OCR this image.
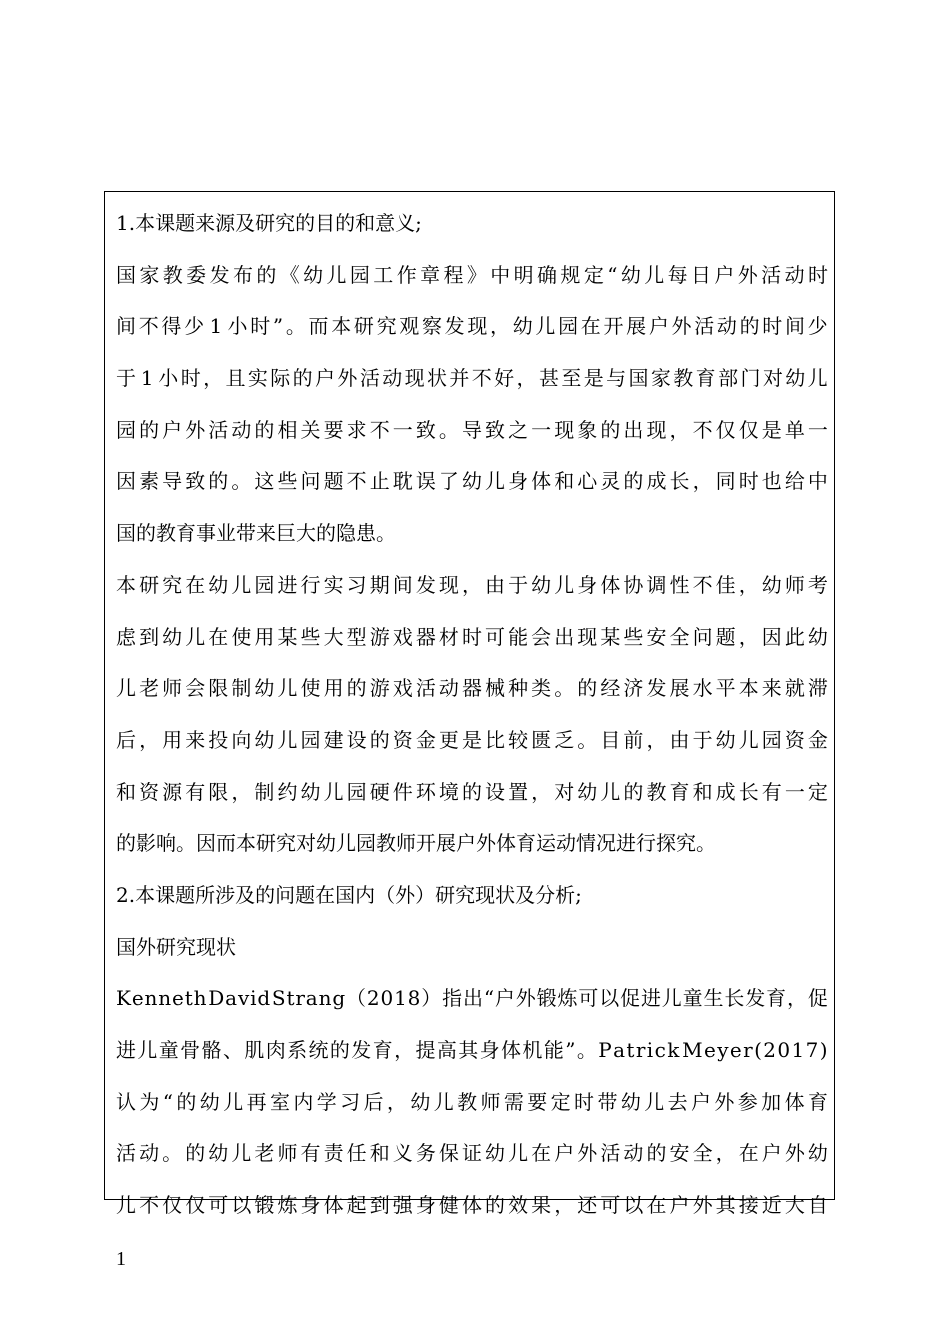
1.本课题来源及研究的目的和意义;
国 家 教 委 发 布 的 《 幼 儿 园 工 作 章 程 》 中 明 确 规 定 “ 幼 儿 每 日 户 外 活 动 时
间 不 得 少 1 小 时 ” 。 而 本 研 究 观 察 发 现 ， 幼 儿 园 在 开 展 户 外 活 动 的 时 间 少
于 1 小 时 ， 且 实 际 的 户 外 活 动 现 状 并 不 好 ， 甚 至 是 与 国 家 教 育 部 门 对 幼 儿
园 的 户 外 活 动 的 相 关 要 求 不 一 致 。 导 致 之 一 现 象 的 出 现 ， 不 仅 仅 是 单 一
因 素 导 致 的 。 这 些 问 题 不 止 耽 误 了 幼 儿 身 体 和 心 灵 的 成 长 ， 同 时 也 给 中
国的教育事业带来巨大的隐患。
本 研 究 在 幼 儿 园 进 行 实 习 期 间 发 现 ， 由 于 幼 儿 身 体 协 调 性 不 佳 ， 幼 师 考
虑 到 幼 儿 在 使 用 某 些 大 型 游 戏 器 材 时 可 能 会 出 现 某 些 安 全 问 题 ， 因 此 幼
儿 老 师 会 限 制 幼 儿 使 用 的 游 戏 活 动 器 械 种 类 。 的 经 济 发 展 水 平 本 来 就 滞
后 ， 用 来 投 向 幼 儿 园 建 设 的 资 金 更 是 比 较 匮 乏 。 目 前 ， 由 于 幼 儿 园 资 金
和 资 源 有 限 ， 制 约 幼 儿 园 硬 件 环 境 的 设 置 ， 对 幼 儿 的 教 育 和 成 长 有 一 定
的影响。因而本研究对幼儿园教师开展户外体育运动情况进行探究。
2.本课题所涉及的问题在国内（外）研究现状及分析;
国外研究现状
K e n n e t h D a v i d S t r a n g （ 2 0 1 8 ） 指 出 “ 户 外 锻 炼 可 以 促 进 儿 童 生 长 发 育 ， 促
进 儿 童 骨 骼 、 肌 肉 系 统 的 发 育 ， 提 高 其 身 体 机 能 ” 。 P a t r i c k M e y e r ( 2 0 1 7 )
认 为 “ 的 幼 儿 再 室 内 学 习 后 ， 幼 儿 教 师 需 要 定 时 带 幼 儿 去 户 外 参 加 体 育
活 动 。 的 幼 儿 老 师 有 责 任 和 义 务 保 证 幼 儿 在 户 外 活 动 的 安 全 ， 在 户 外 幼
儿 不 仅 仅 可 以 锻 炼 身 体 起 到 强 身 健 体 的 效 果 ， 还 可 以 在 户 外 其 接 近 大 自
1
